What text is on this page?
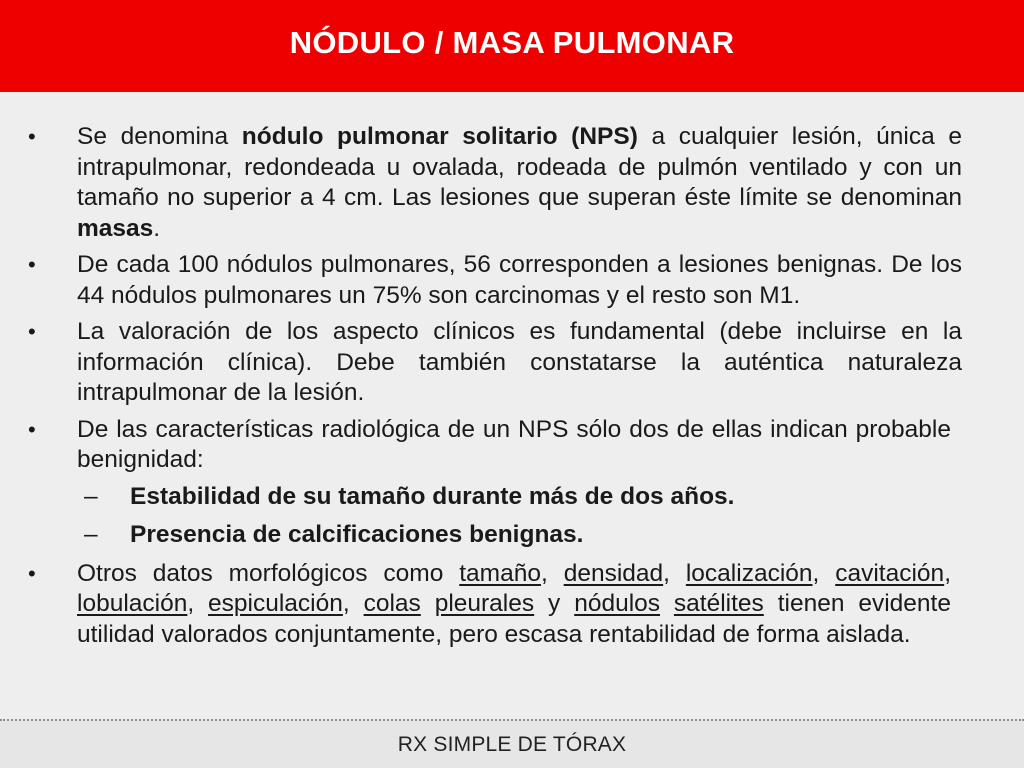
NÓDULO / MASA PULMONAR
• Se denomina nódulo pulmonar solitario (NPS) a cualquier lesión, única e intrapulmonar, redondeada u ovalada, rodeada de pulmón ventilado y con un tamaño no superior a 4 cm. Las lesiones que superan éste límite se denominan masas.
• De cada 100 nódulos pulmonares, 56 corresponden a lesiones benignas. De los 44 nódulos pulmonares un 75% son carcinomas y el resto son M1.
• La valoración de los aspecto clínicos es fundamental (debe incluirse en la información clínica). Debe también constatarse la auténtica naturaleza intrapulmonar de la lesión.
• De las características radiológica de un NPS sólo dos de ellas indican probable benignidad:
– Estabilidad de su tamaño durante más de dos años.
– Presencia de calcificaciones benignas.
• Otros datos morfológicos como tamaño, densidad, localización, cavitación, lobulación, espiculación, colas pleurales y nódulos satélites tienen evidente utilidad valorados conjuntamente, pero escasa rentabilidad de forma aislada.
RX SIMPLE DE TÓRAX
